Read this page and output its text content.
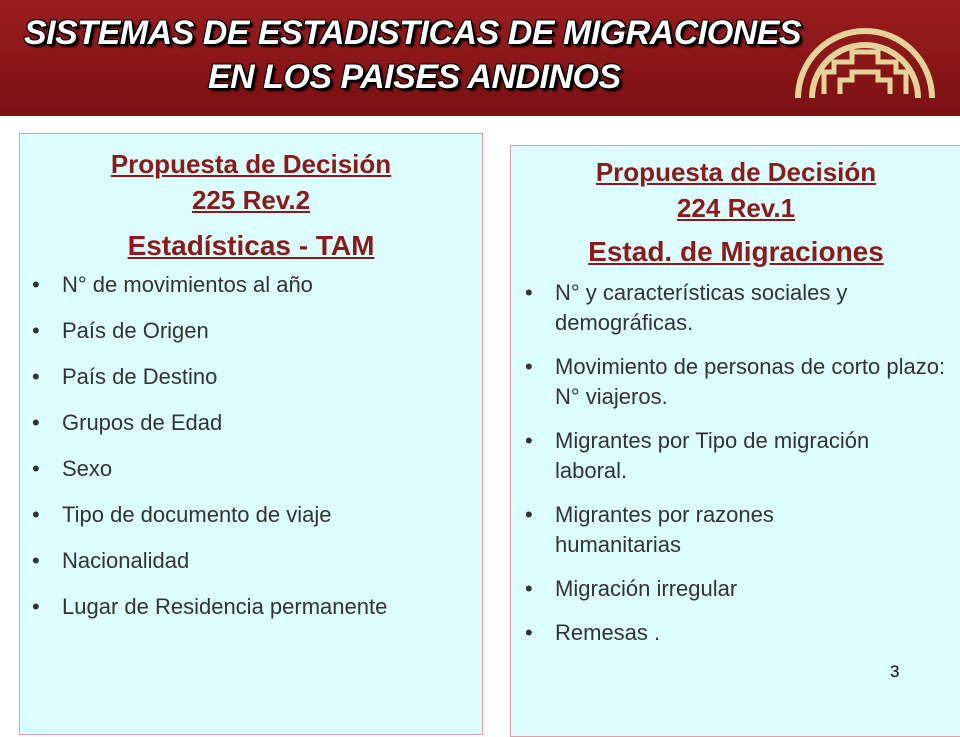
SISTEMAS DE ESTADISTICAS DE MIGRACIONES
EN LOS PAISES ANDINOS

Propuesta de Decisión

225 Rev.2

Estadísticas - TAM

• N° de movimientos al año
• País de Origen
• País de Destino
• Grupos de Edad
• Sexo
• Tipo de documento de viaje
• Nacionalidad
• Lugar de Residencia permanente

Propuesta de Decisión

224 Rev.1

Estad. de Migraciones

• N° y características sociales y demográficas.
• Movimiento de personas de corto plazo: N° viajeros.
• Migrantes por Tipo de migración laboral.
• Migrantes por razones humanitarias
• Migración irregular
• Remesas .
3
